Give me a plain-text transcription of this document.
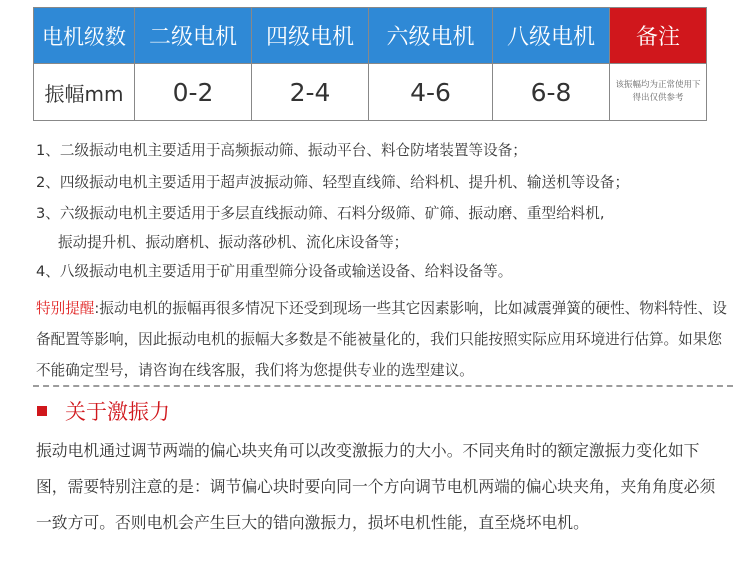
电机级数	二级电机	四级电机	六级电机	八级电机	备注
振幅mm	0-2	2-4	4-6	6-8	该振幅均为正常使用下得出仅供参考

1、二级振动电机主要适用于高频振动筛、振动平台、料仓防堵装置等设备；

2、四级振动电机主要适用于超声波振动筛、轻型直线筛、给料机、提升机、输送机等设备；

3、六级振动电机主要适用于多层直线振动筛、石料分级筛、矿筛、振动磨、重型给料机,

振动提升机、振动磨机、振动落砂机、流化床设备等；

4、八级振动电机主要适用于矿用重型筛分设备或输送设备、给料设备等。

特别提醒:振动电机的振幅再很多情况下还受到现场一些其它因素影响，比如减震弹簧的硬性、物料特性、设备配置等影响，因此振动电机的振幅大多数是不能被量化的，我们只能按照实际应用环境进行估算。如果您不能确定型号，请咨询在线客服，我们将为您提供专业的选型建议。

关于激振力

振动电机通过调节两端的偏心块夹角可以改变激振力的大小。不同夹角时的额定激振力变化如下图，需要特别注意的是：调节偏心块时要向同一个方向调节电机两端的偏心块夹角，夹角角度必须一致方可。否则电机会产生巨大的错向激振力，损坏电机性能，直至烧坏电机。
